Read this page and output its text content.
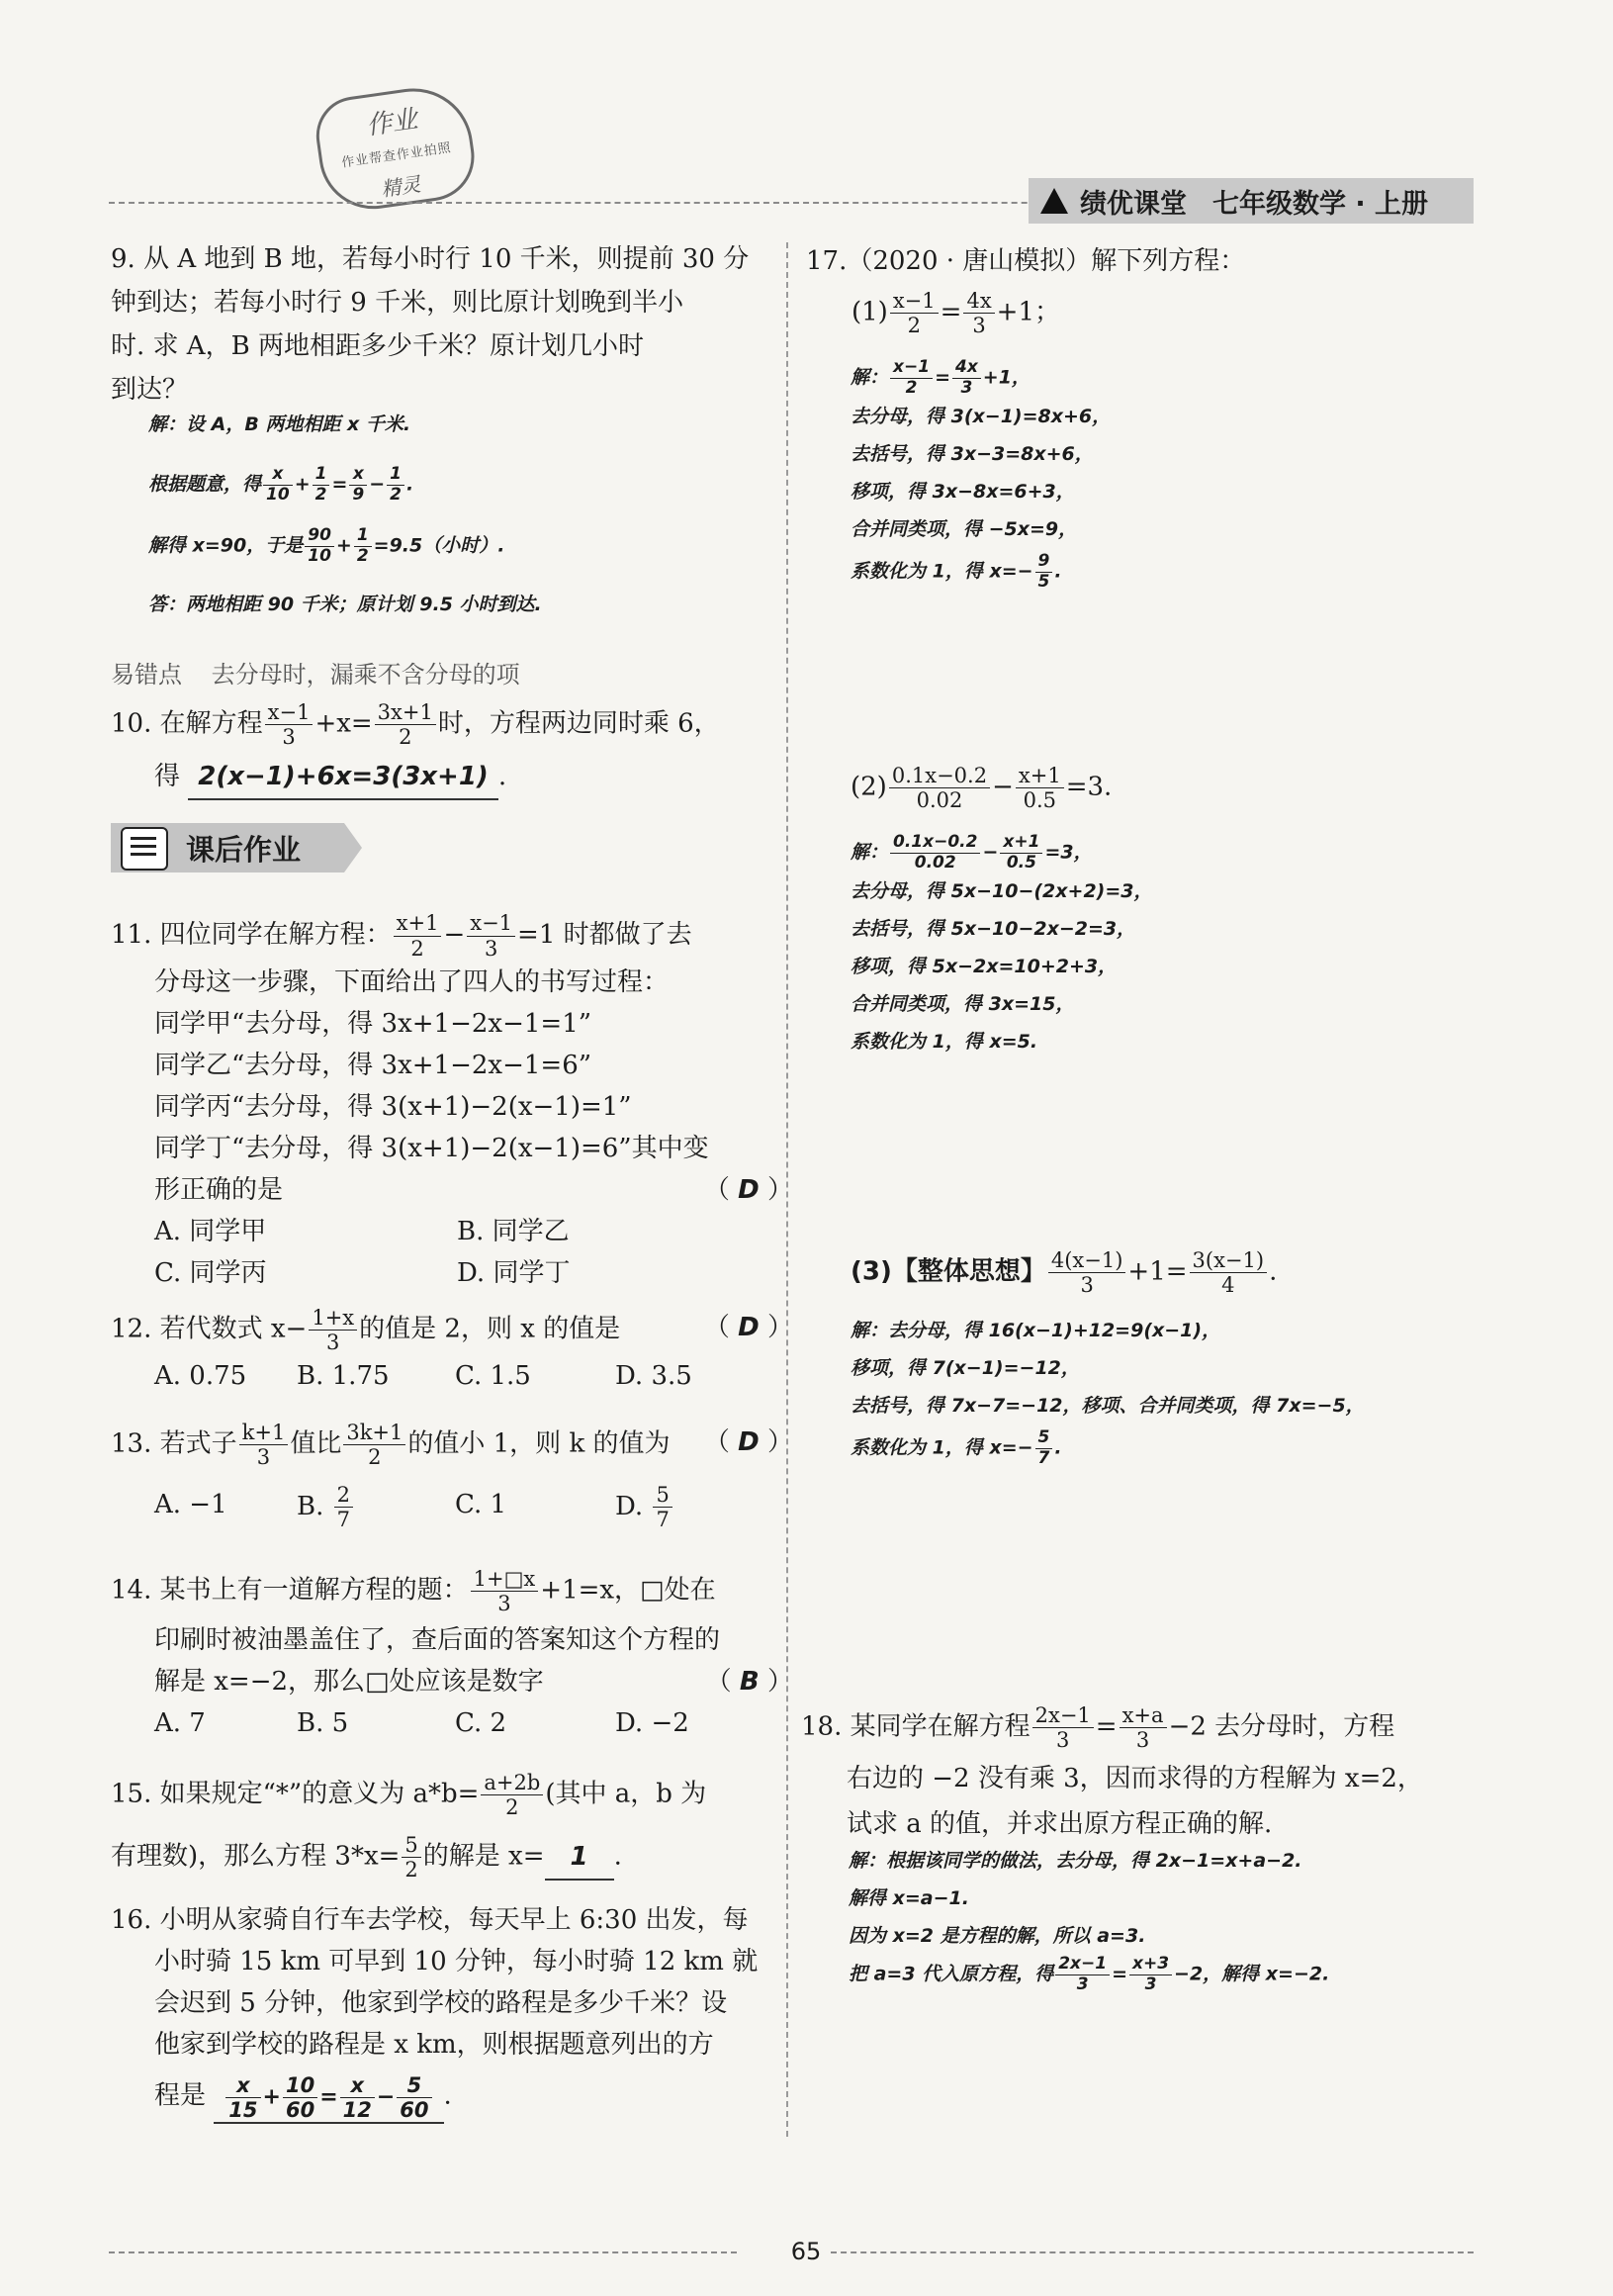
作业
作业帮查作业拍照
精灵
绩优课堂 七年级数学 · 上册
9. 从 A 地到 B 地，若每小时行 10 千米，则提前 30 分
钟到达；若每小时行 9 千米，则比原计划晚到半小
时. 求 A，B 两地相距多少千米？原计划几小时
到达？
解：设 A，B 两地相距 x 千米.
根据题意，得 $\frac{x}{10} + \frac{1}{2} = \frac{x}{9} - \frac{1}{2}$ .
解得 x=90，于是 $\frac{90}{10} + \frac{1}{2} =9.5$（小时）.
答：两地相距 90 千米；原计划 9.5 小时到达.
易错点 去分母时，漏乘不含分母的项
10. 在解方程 $\frac{x-1}{3} +x= \frac{3x+1}{2}$ 时，方程两边同时乘 6，
得 2(x−1)+6x=3(3x+1) .
课后作业
11. 四位同学在解方程： $\frac{x+1}{2} - \frac{x-1}{3} =1$ 时都做了去
分母这一步骤，下面给出了四人的书写过程：
同学甲“去分母，得 3x+1−2x−1=1”
同学乙“去分母，得 3x+1−2x−1=6”
同学丙“去分母，得 3(x+1)−2(x−1)=1”
同学丁“去分母，得 3(x+1)−2(x−1)=6”其中变
形正确的是	（ D ）
A. 同学甲	B. 同学乙
C. 同学丙	D. 同学丁
12. 若代数式 $x- \frac{1+x}{3}$ 的值是 2，则 x 的值是	（ D ）
A. 0.75	B. 1.75	C. 1.5	D. 3.5
13. 若式子 $\frac{k+1}{3}$ 值比 $\frac{3k+1}{2}$ 的值小 1，则 k 的值为 （ D ）
A. −1	B. $\frac{2}{7}$	C. 1	D. $\frac{5}{7}$
14. 某书上有一道解方程的题： $\frac{1+□x}{3} +1=x$，□处在
印刷时被油墨盖住了，查后面的答案知这个方程的
解是 x=−2，那么□处应该是数字	（ B ）
A. 7	B. 5	C. 2	D. −2
15. 如果规定“*”的意义为 $a*b= \frac{a+2b}{2}$ (其中 a，b 为
有理数)，那么方程 $3*x= \frac{5}{2}$ 的解是 x= 1 .
16. 小明从家骑自行车去学校，每天早上 6:30 出发，每
小时骑 15 km 可早到 10 分钟，每小时骑 12 km 就
会迟到 5 分钟，他家到学校的路程是多少千米？设
他家到学校的路程是 x km，则根据题意列出的方
程是 $\frac{x}{15} + \frac{10}{60} = \frac{x}{12} - \frac{5}{60}$ .
17.（2020 · 唐山模拟）解下列方程：
$(1) \frac{x-1}{2} = \frac{4x}{3} +1$；
解： $\frac{x-1}{2} = \frac{4x}{3} +1$，
去分母，得 3(x−1)=8x+6，
去括号，得 3x−3=8x+6，
移项，得 3x−8x=6+3，
合并同类项，得 −5x=9，
系数化为 1，得 $x=- \frac{9}{5}$ .
$(2) \frac{0.1x-0.2}{0.02} - \frac{x+1}{0.5} =3$.
解： $\frac{0.1x-0.2}{0.02} - \frac{x+1}{0.5} =3$，
去分母，得 5x−10−(2x+2)=3，
去括号，得 5x−10−2x−2=3，
移项，得 5x−2x=10+2+3，
合并同类项，得 3x=15，
系数化为 1，得 x=5.
(3)【整体思想】 $\frac{4(x-1)}{3} +1= \frac{3(x-1)}{4}$ .
解：去分母，得 16(x−1)+12=9(x−1)，
移项，得 7(x−1)=−12，
去括号，得 7x−7=−12，移项、合并同类项，得 7x=−5，
系数化为 1，得 $x=- \frac{5}{7}$ .
18. 某同学在解方程 $\frac{2x-1}{3} = \frac{x+a}{3} -2$ 去分母时，方程
右边的 −2 没有乘 3，因而求得的方程解为 x=2，
试求 a 的值，并求出原方程正确的解.
解：根据该同学的做法，去分母，得 2x−1=x+a−2.
解得 x=a−1.
因为 x=2 是方程的解，所以 a=3.
把 a=3 代入原方程，得 $\frac{2x-1}{3} = \frac{x+3}{3} -2$，解得 x=−2.
65
